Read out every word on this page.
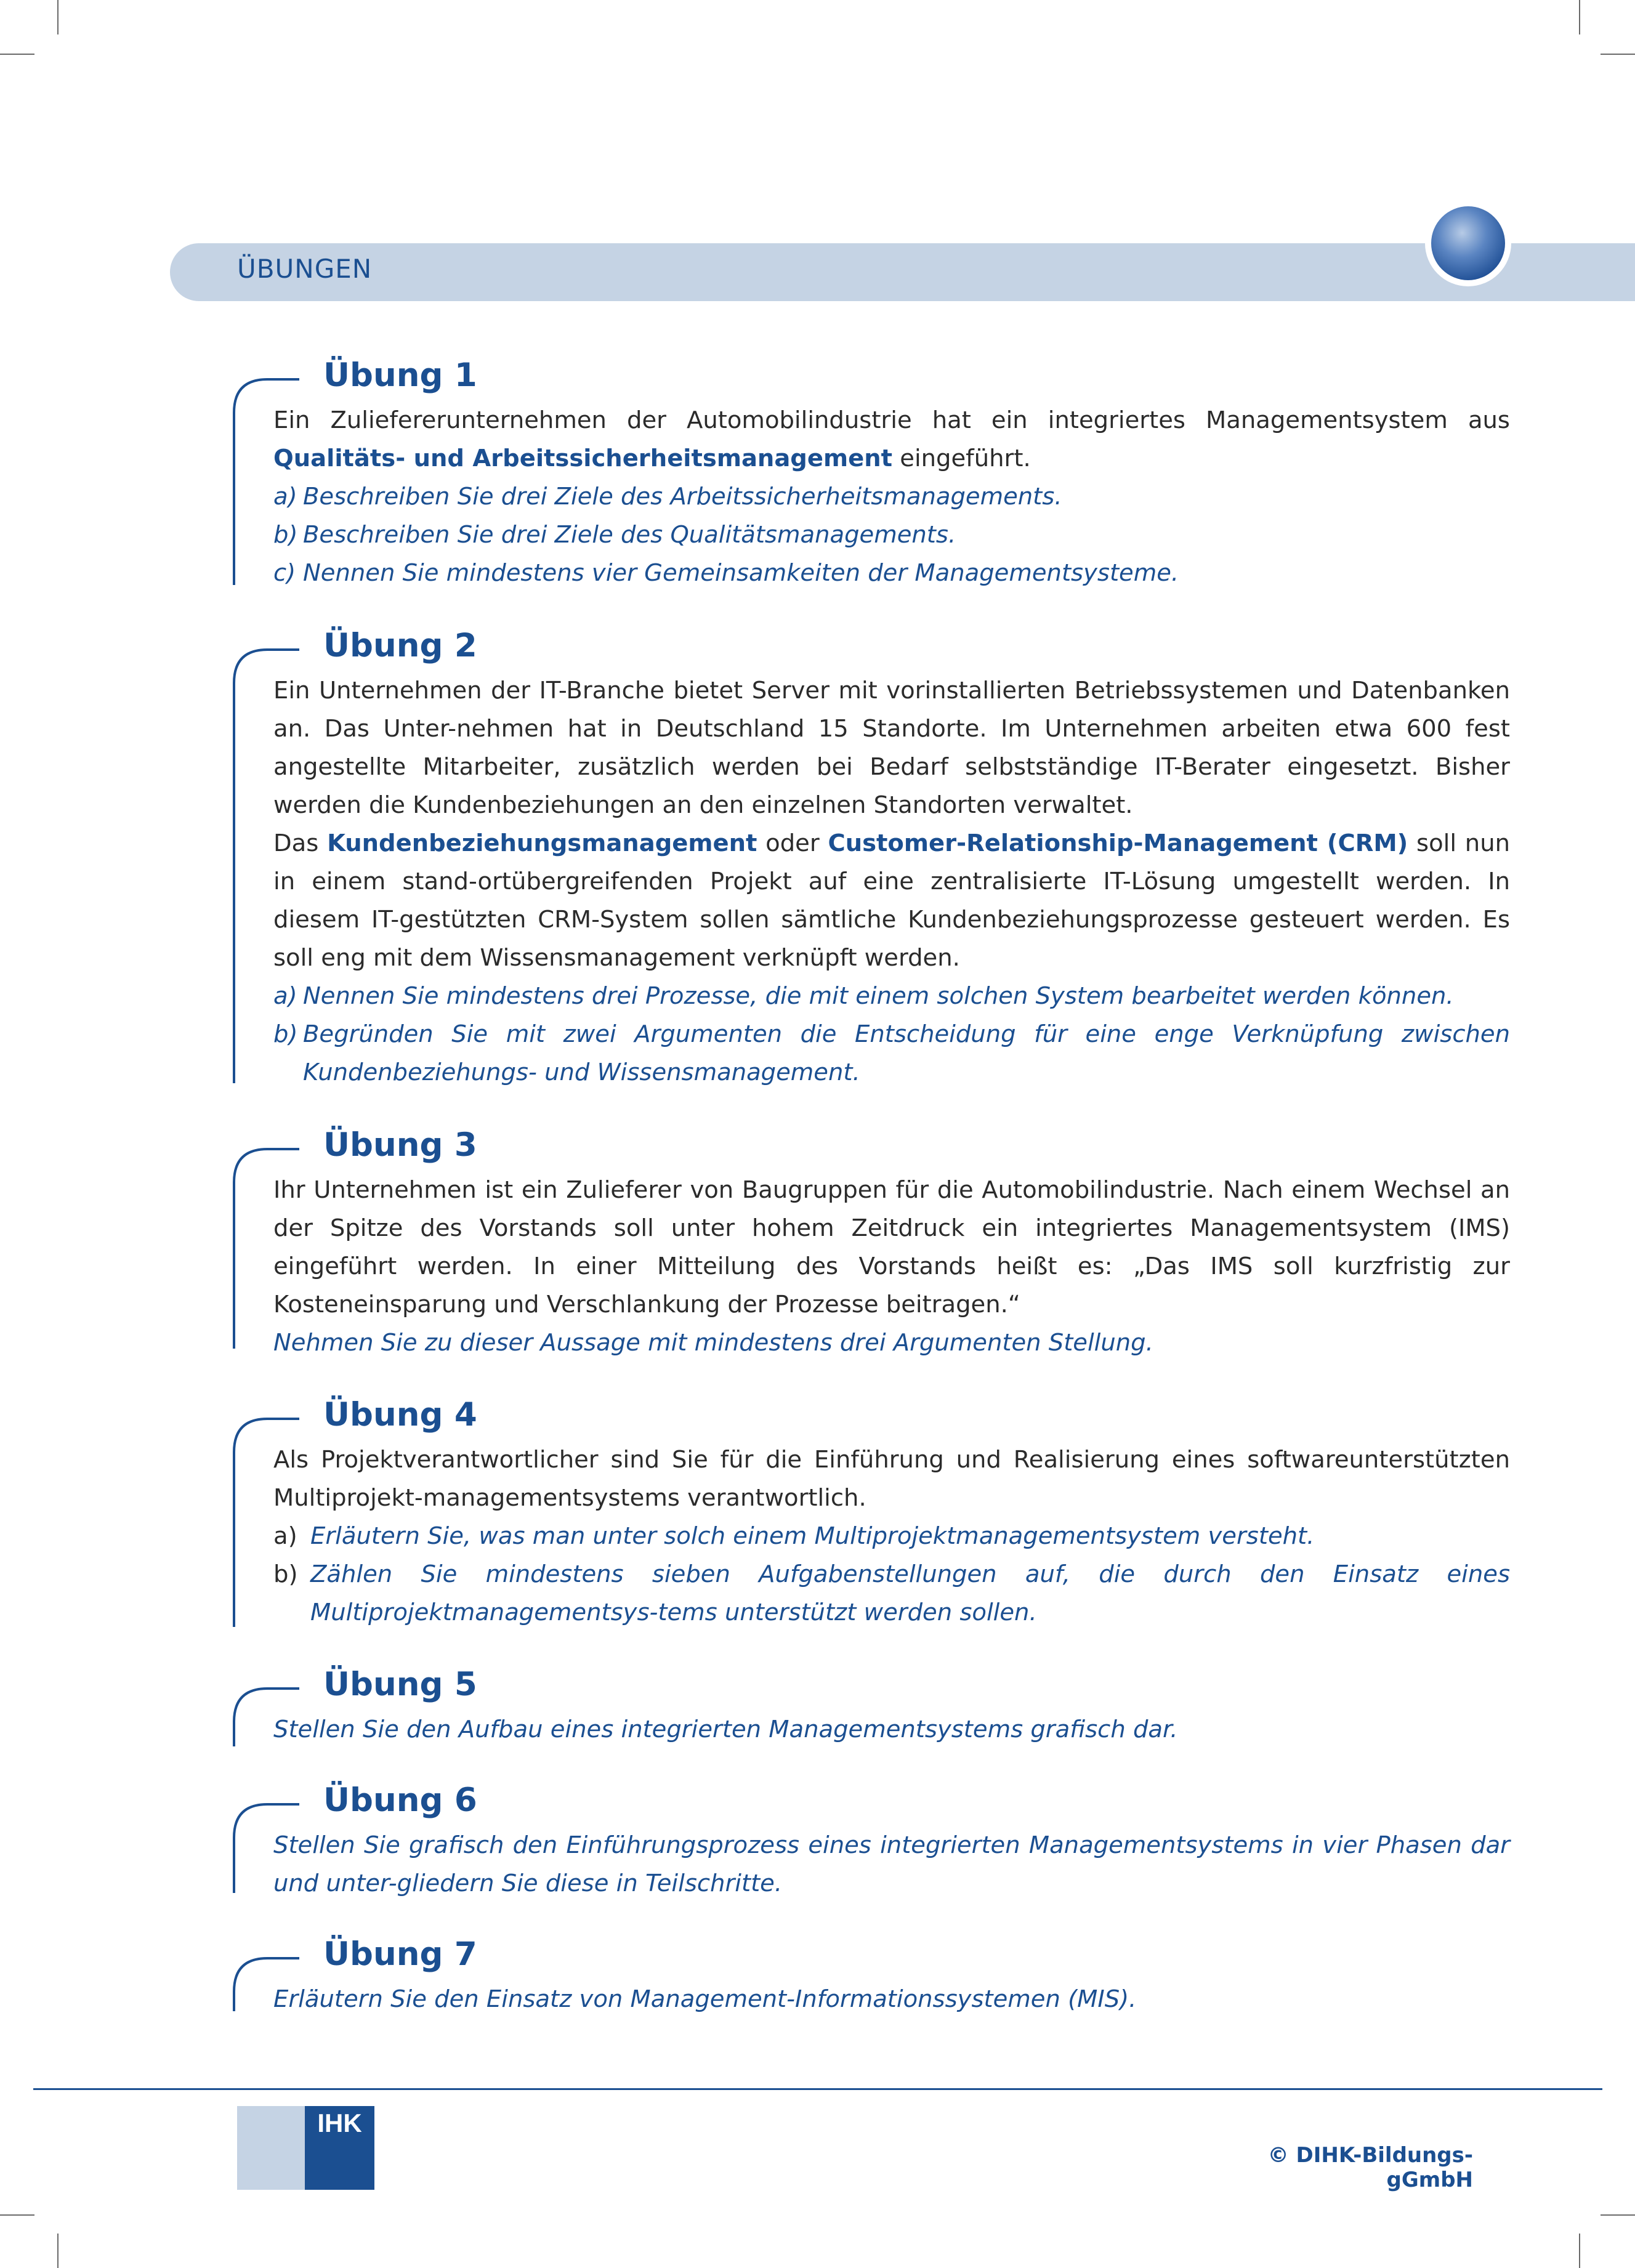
ÜBUNGEN
Übung 1

Ein Zuliefererunternehmen der Automobilindustrie hat ein integriertes Managementsystem aus Qualitäts- und Arbeitssicherheitsmanagement eingeführt.

a) Beschreiben Sie drei Ziele des Arbeitssicherheitsmanagements.
b) Beschreiben Sie drei Ziele des Qualitätsmanagements.
c) Nennen Sie mindestens vier Gemeinsamkeiten der Managementsysteme.
Übung 2

Ein Unternehmen der IT-Branche bietet Server mit vorinstallierten Betriebssystemen und Datenbanken an. Das Unter-nehmen hat in Deutschland 15 Standorte. Im Unternehmen arbeiten etwa 600 fest angestellte Mitarbeiter, zusätzlich werden bei Bedarf selbstständige IT-Berater eingesetzt. Bisher werden die Kundenbeziehungen an den einzelnen Standorten verwaltet.

Das Kundenbeziehungsmanagement oder Customer-Relationship-Management (CRM) soll nun in einem stand-ortübergreifenden Projekt auf eine zentralisierte IT-Lösung umgestellt werden. In diesem IT-gestützten CRM-System sollen sämtliche Kundenbeziehungsprozesse gesteuert werden. Es soll eng mit dem Wissensmanagement verknüpft werden.

a) Nennen Sie mindestens drei Prozesse, die mit einem solchen System bearbeitet werden können.
b) Begründen Sie mit zwei Argumenten die Entscheidung für eine enge Verknüpfung zwischen Kundenbeziehungs- und Wissensmanagement.
Übung 3

Ihr Unternehmen ist ein Zulieferer von Baugruppen für die Automobilindustrie. Nach einem Wechsel an der Spitze des Vorstands soll unter hohem Zeitdruck ein integriertes Managementsystem (IMS) eingeführt werden. In einer Mitteilung des Vorstands heißt es: „Das IMS soll kurzfristig zur Kosteneinsparung und Verschlankung der Prozesse beitragen.“

Nehmen Sie zu dieser Aussage mit mindestens drei Argumenten Stellung.

Übung 4

Als Projektverantwortlicher sind Sie für die Einführung und Realisierung eines softwareunterstützten Multiprojekt-managementsystems verantwortlich.

a) Erläutern Sie, was man unter solch einem Multiprojektmanagementsystem versteht.
b) Zählen Sie mindestens sieben Aufgabenstellungen auf, die durch den Einsatz eines Multiprojektmanagementsys-tems unterstützt werden sollen.
Übung 5

Stellen Sie den Aufbau eines integrierten Managementsystems grafisch dar.

Übung 6

Stellen Sie grafisch den Einführungsprozess eines integrierten Managementsystems in vier Phasen dar und unter-gliedern Sie diese in Teilschritte.

Übung 7

Erläutern Sie den Einsatz von Management-Informationssystemen (MIS).

IHK
© DIHK-Bildungs-gGmbH
